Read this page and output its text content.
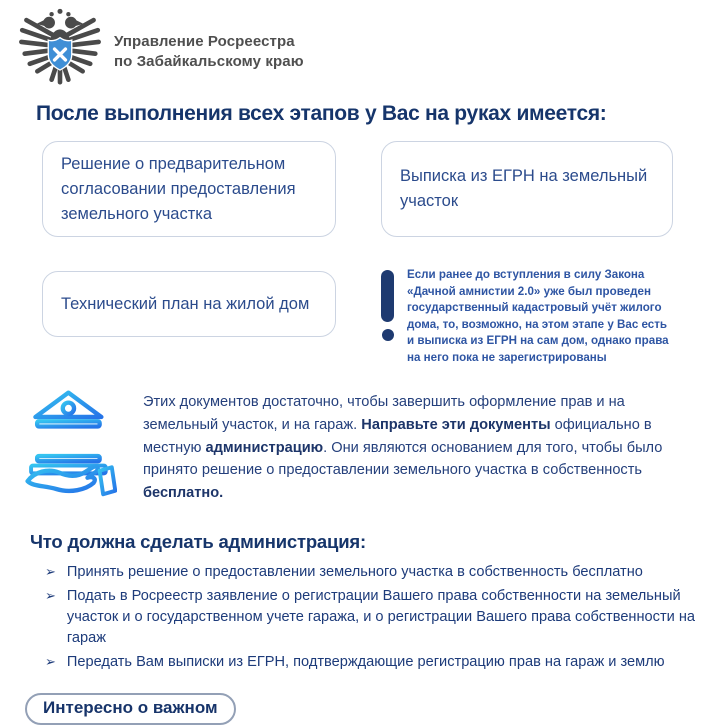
Управление Росреестра
по Забайкальскому краю
После выполнения всех этапов у Вас на руках имеется:
Решение о предварительном согласовании предоставления земельного участка
Выписка из ЕГРН на земельный участок
Технический план на жилой дом
Если ранее до вступления в силу Закона «Дачной амнистии 2.0» уже был проведен государственный кадастровый учёт жилого дома, то, возможно, на этом этапе у Вас есть и выписка из ЕГРН на сам дом, однако права на него пока не зарегистрированы
Этих документов достаточно, чтобы завершить оформление прав и на земельный участок, и на гараж. Направьте эти документы официально в местную администрацию. Они являются основанием для того, чтобы было принято решение о предоставлении земельного участка в собственность бесплатно.
Что должна сделать администрация:
➢ Принять решение о предоставлении земельного участка в собственность бесплатно
➢ Подать в Росреестр заявление о регистрации Вашего права собственности на земельный участок и о государственном учете гаража, и о регистрации Вашего права собственности на гараж
➢ Передать Вам выписки из ЕГРН, подтверждающие регистрацию прав на гараж и землю
Интересно о важном
